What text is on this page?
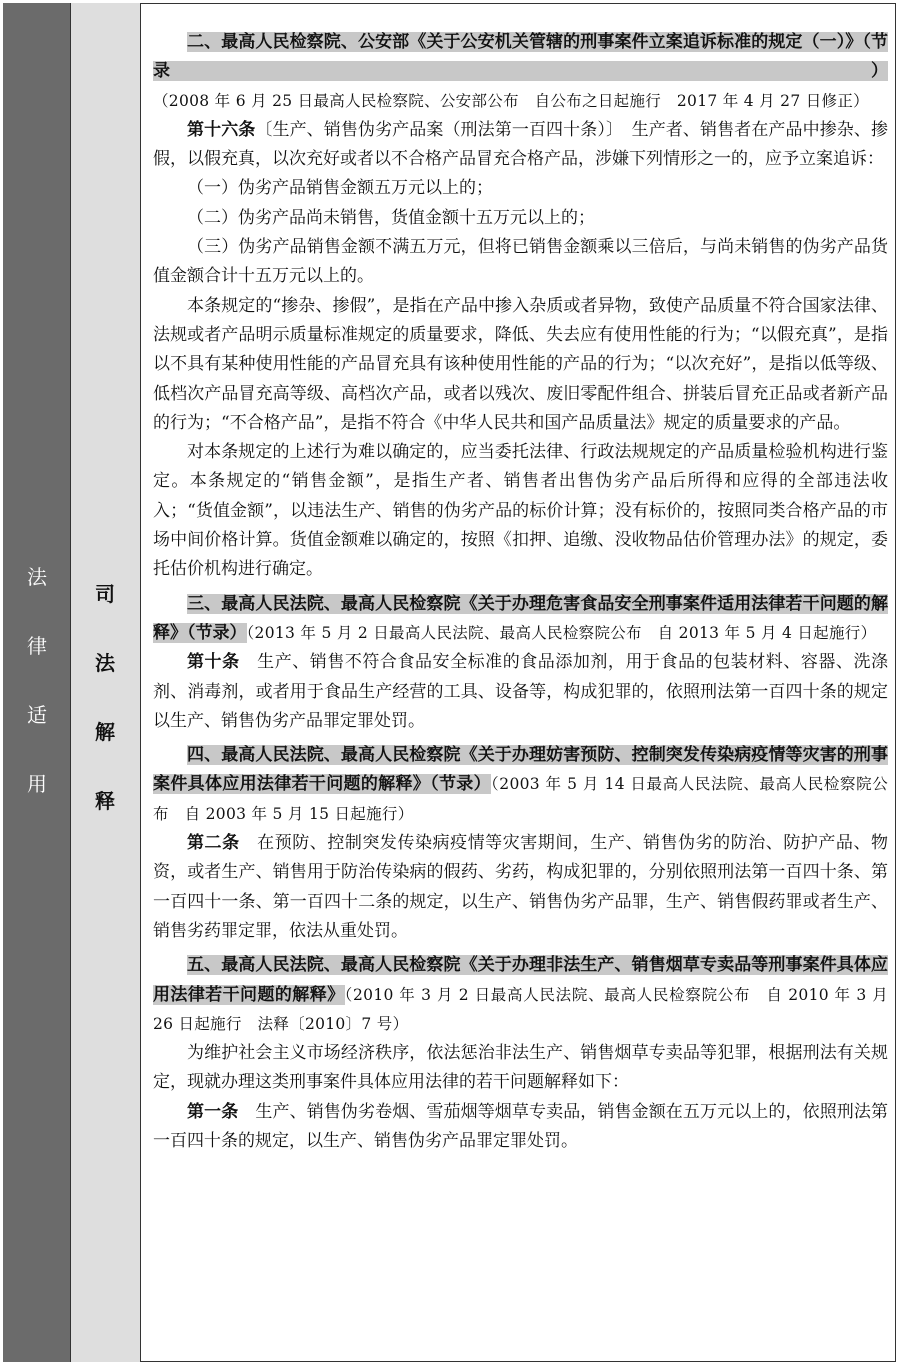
法
律
适
用
司
法
解
释

二、最高人民检察院、公安部《关于公安机关管辖的刑事案件立案追诉标准的规定（一）》（节录）（2008 年 6 月 25 日最高人民检察院、公安部公布　自公布之日起施行　2017 年 4 月 27 日修正）

第十六条〔生产、销售伪劣产品案（刑法第一百四十条）〕　生产者、销售者在产品中掺杂、掺假，以假充真，以次充好或者以不合格产品冒充合格产品，涉嫌下列情形之一的，应予立案追诉：

（一）伪劣产品销售金额五万元以上的；

（二）伪劣产品尚未销售，货值金额十五万元以上的；

（三）伪劣产品销售金额不满五万元，但将已销售金额乘以三倍后，与尚未销售的伪劣产品货值金额合计十五万元以上的。

本条规定的“掺杂、掺假”，是指在产品中掺入杂质或者异物，致使产品质量不符合国家法律、法规或者产品明示质量标准规定的质量要求，降低、失去应有使用性能的行为；“以假充真”，是指以不具有某种使用性能的产品冒充具有该种使用性能的产品的行为；“以次充好”，是指以低等级、低档次产品冒充高等级、高档次产品，或者以残次、废旧零配件组合、拼装后冒充正品或者新产品的行为；“不合格产品”，是指不符合《中华人民共和国产品质量法》规定的质量要求的产品。

对本条规定的上述行为难以确定的，应当委托法律、行政法规规定的产品质量检验机构进行鉴定。本条规定的“销售金额”，是指生产者、销售者出售伪劣产品后所得和应得的全部违法收入；“货值金额”，以违法生产、销售的伪劣产品的标价计算；没有标价的，按照同类合格产品的市场中间价格计算。货值金额难以确定的，按照《扣押、追缴、没收物品估价管理办法》的规定，委托估价机构进行确定。

三、最高人民法院、最高人民检察院《关于办理危害食品安全刑事案件适用法律若干问题的解释》（节录）（2013 年 5 月 2 日最高人民法院、最高人民检察院公布　自 2013 年 5 月 4 日起施行）

第十条　生产、销售不符合食品安全标准的食品添加剂，用于食品的包装材料、容器、洗涤剂、消毒剂，或者用于食品生产经营的工具、设备等，构成犯罪的，依照刑法第一百四十条的规定以生产、销售伪劣产品罪定罪处罚。

四、最高人民法院、最高人民检察院《关于办理妨害预防、控制突发传染病疫情等灾害的刑事案件具体应用法律若干问题的解释》（节录）（2003 年 5 月 14 日最高人民法院、最高人民检察院公布　自 2003 年 5 月 15 日起施行）

第二条　在预防、控制突发传染病疫情等灾害期间，生产、销售伪劣的防治、防护产品、物资，或者生产、销售用于防治传染病的假药、劣药，构成犯罪的，分别依照刑法第一百四十条、第一百四十一条、第一百四十二条的规定，以生产、销售伪劣产品罪，生产、销售假药罪或者生产、销售劣药罪定罪，依法从重处罚。

五、最高人民法院、最高人民检察院《关于办理非法生产、销售烟草专卖品等刑事案件具体应用法律若干问题的解释》（2010 年 3 月 2 日最高人民法院、最高人民检察院公布　自 2010 年 3 月 26 日起施行　法释〔2010〕7 号）

为维护社会主义市场经济秩序，依法惩治非法生产、销售烟草专卖品等犯罪，根据刑法有关规定，现就办理这类刑事案件具体应用法律的若干问题解释如下：

第一条　生产、销售伪劣卷烟、雪茄烟等烟草专卖品，销售金额在五万元以上的，依照刑法第一百四十条的规定，以生产、销售伪劣产品罪定罪处罚。
